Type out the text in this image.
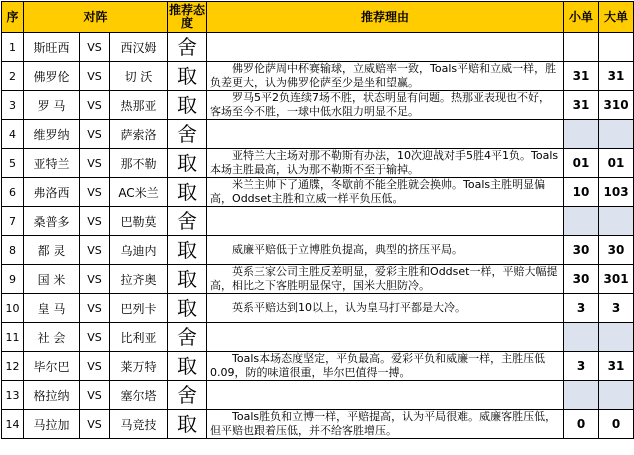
序	对阵			推荐态度	推荐理由	小单	大单
1	斯旺西	VS	西汉姆	舍			
2	佛罗伦	VS	切 沃	取	佛罗伦萨周中杯赛输球，立威赔率一致，Toals平赔和立威一样，胜负差更大，认为佛罗伦萨至少是坐和望赢。	31	31
3	罗 马	VS	热那亚	取	罗马5平2负连续7场不胜，状态明显有问题。热那亚表现也不好，客场至今不胜，一球中低水阻力明显不足。	31	310
4	维罗纳	VS	萨索洛	舍			
5	亚特兰	VS	那不勒	取	亚特兰大主场对那不勒斯有办法，10次迎战对手5胜4平1负。Toals本场主胜最高，认为那不勒斯不至于输掉。	01	01
6	弗洛西	VS	AC米兰	取	米兰主帅下了通牒，冬歇前不能全胜就会换帅。Toals主胜明显偏高，Oddset主胜和立威一样平负压低。	10	103
7	桑普多	VS	巴勒莫	舍			
8	都 灵	VS	乌迪内	取	威廉平赔低于立博胜负提高，典型的挤压平局。	30	30
9	国 米	VS	拉齐奥	取	英系三家公司主胜反差明显，爱彩主胜和Oddset一样，平赔大幅提高，相比之下客胜明显保守，国米大胆防冷。	30	301
10	皇 马	VS	巴列卡	取	英系平赔达到10以上，认为皇马打平都是大冷。	3	3
11	社 会	VS	比利亚	舍			
12	毕尔巴	VS	莱万特	取	Toals本场态度坚定，平负最高。爱彩平负和威廉一样，主胜压低0.09，防的味道很重，毕尔巴值得一搏。	3	31
13	格拉纳	VS	塞尔塔	舍			
14	马拉加	VS	马竞技	取	Toals胜负和立博一样，平赔提高，认为平局很难。威廉客胜压低，但平赔也跟着压低，并不给客胜增压。	0	0
